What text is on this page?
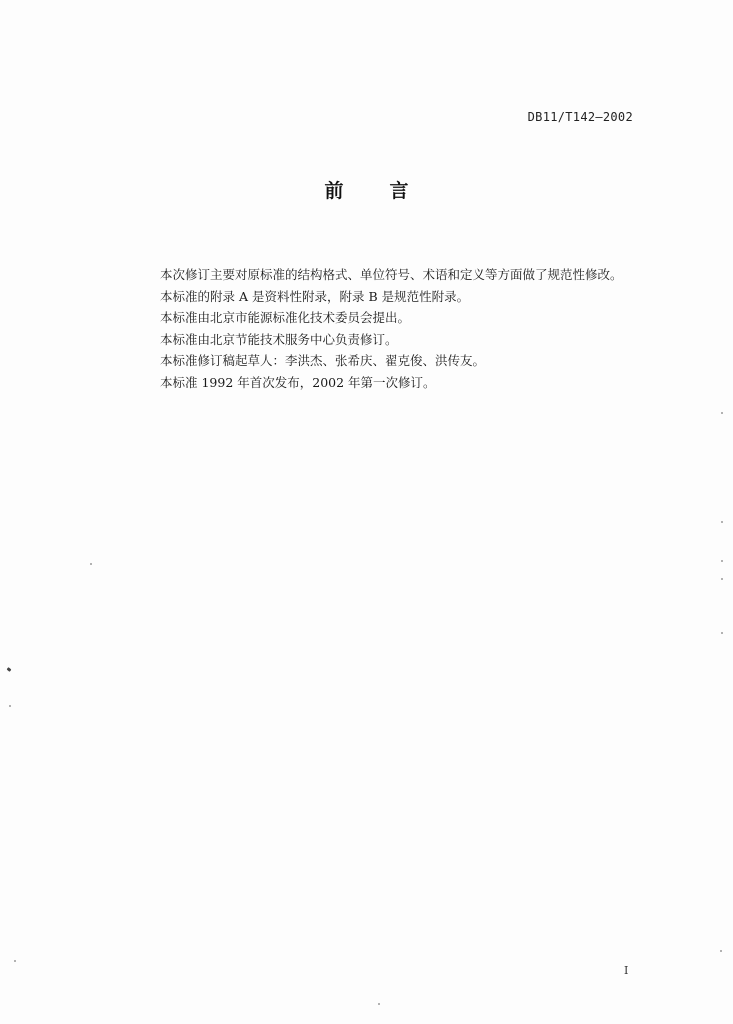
DB11/T142—2002
前 言

本次修订主要对原标准的结构格式、单位符号、术语和定义等方面做了规范性修改。

本标准的附录 A 是资料性附录，附录 B 是规范性附录。

本标准由北京市能源标准化技术委员会提出。

本标准由北京节能技术服务中心负责修订。

本标准修订稿起草人：李洪杰、张希庆、翟克俊、洪传友。

本标准 1992 年首次发布，2002 年第一次修订。

I
